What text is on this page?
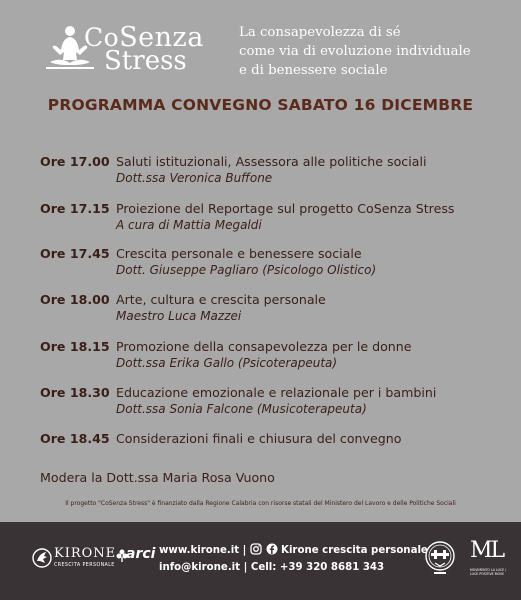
CoSenza
Stress
La consapevolezza di sé
come via di evoluzione individuale
e di benessere sociale
PROGRAMMA CONVEGNO SABATO 16 DICEMBRE
Ore 17.00 Saluti istituzionali, Assessora alle politiche sociali
Dott.ssa Veronica Buffone
Ore 17.15 Proiezione del Reportage sul progetto CoSenza Stress
A cura di Mattia Megaldi
Ore 17.45 Crescita personale e benessere sociale
Dott. Giuseppe Pagliaro (Psicologo Olistico)
Ore 18.00 Arte, cultura e crescita personale
Maestro Luca Mazzei
Ore 18.15 Promozione della consapevolezza per le donne
Dott.ssa Erika Gallo (Psicoterapeuta)
Ore 18.30 Educazione emozionale e relazionale per i bambini
Dott.ssa Sonia Falcone (Musicoterapeuta)
Ore 18.45 Considerazioni finali e chiusura del convegno
Modera la Dott.ssa Maria Rosa Vuono
Il progetto "CoSenza Stress" è finanziato dalla Regione Calabria con risorse statali del Ministero del Lavoro e delle Politiche Sociali
KIRONE
CRESCITA PERSONALE
arci www.kirone.it |	Kirone crescita personale
info@kirone.it | Cell: +39 320 8681 343
ML
MOVIMENTO LA LUCE / LUCE POSITIVE MOVE
